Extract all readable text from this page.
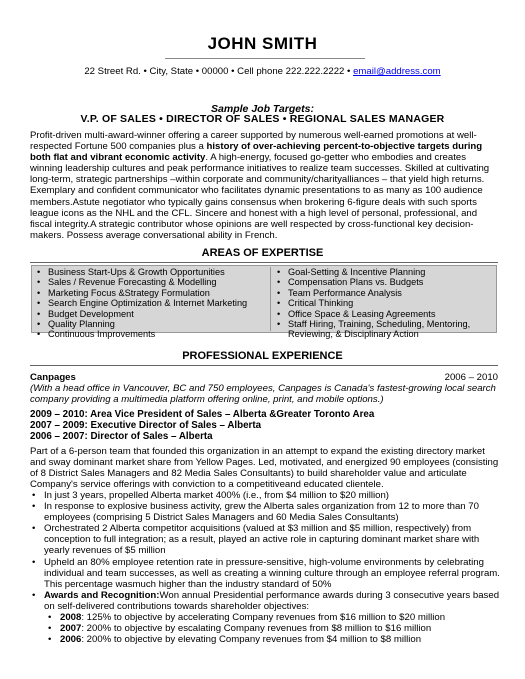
JOHN SMITH
22 Street Rd. • City, State • 00000 • Cell phone 222.222.2222 • email@address.com
Sample Job Targets:
V.P. OF SALES • DIRECTOR OF SALES • REGIONAL SALES MANAGER
Profit-driven multi-award-winner offering a career supported by numerous well-earned promotions at well-respected Fortune 500 companies plus a history of over-achieving percent-to-objective targets during both flat and vibrant economic activity. A high-energy, focused go-getter who embodies and creates winning leadership cultures and peak performance initiatives to realize team successes. Skilled at cultivating long-term, strategic partnerships –within corporate and community/charityalliances – that yield high returns. Exemplary and confident communicator who facilitates dynamic presentations to as many as 100 audience members.Astute negotiator who typically gains consensus when brokering 6-figure deals with such sports league icons as the NHL and the CFL. Sincere and honest with a high level of personal, professional, and fiscal integrity.A strategic contributor whose opinions are well respected by cross-functional key decision-makers. Possess average conversational ability in French.
AREAS OF EXPERTISE
• Business Start-Ups & Growth Opportunities
• Sales / Revenue Forecasting & Modelling
• Marketing Focus &Strategy Formulation
• Search Engine Optimization & Internet Marketing
• Budget Development
• Quality Planning
• Continuous Improvements
• Goal-Setting & Incentive Planning
• Compensation Plans vs. Budgets
• Team Performance Analysis
• Critical Thinking
• Office Space & Leasing Agreements
• Staff Hiring, Training, Scheduling, Mentoring, Reviewing, & Disciplinary Action
PROFESSIONAL EXPERIENCE
Canpages	2006 – 2010
(With a head office in Vancouver, BC and 750 employees, Canpages is Canada's fastest-growing local search company providing a multimedia platform offering online, print, and mobile options.)
2009 – 2010: Area Vice President of Sales – Alberta &Greater Toronto Area
2007 – 2009: Executive Director of Sales – Alberta
2006 – 2007: Director of Sales – Alberta
Part of a 6-person team that founded this organization in an attempt to expand the existing directory market and sway dominant market share from Yellow Pages. Led, motivated, and energized 90 employees (consisting of 8 District Sales Managers and 82 Media Sales Consultants) to build shareholder value and articulate Company's service offerings with conviction to a competitiveand educated clientele.
• In just 3 years, propelled Alberta market 400% (i.e., from $4 million to $20 million)
• In response to explosive business activity, grew the Alberta sales organization from 12 to more than 70 employees (comprising 5 District Sales Managers and 60 Media Sales Consultants)
• Orchestrated 2 Alberta competitor acquisitions (valued at $3 million and $5 million, respectively) from conception to full integration; as a result, played an active role in capturing dominant market share with yearly revenues of $5 million
• Upheld an 80% employee retention rate in pressure-sensitive, high-volume environments by celebrating individual and team successes, as well as creating a winning culture through an employee referral program. This percentage wasmuch higher than the industry standard of 50%
• Awards and Recognition:Won annual Presidential performance awards during 3 consecutive years based on self-delivered contributions towards shareholder objectives:
• 2008: 125% to objective by accelerating Company revenues from $16 million to $20 million
• 2007: 200% to objective by escalating Company revenues from $8 million to $16 million
• 2006: 200% to objective by elevating Company revenues from $4 million to $8 million
